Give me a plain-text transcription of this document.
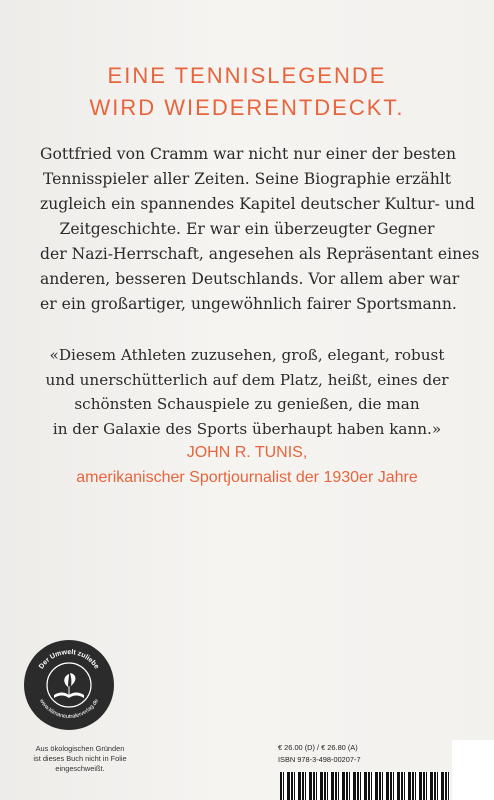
EINE TENNISLEGENDE
WIRD WIEDERENTDECKT.
Gottfried von Cramm war nicht nur einer der besten
Tennisspieler aller Zeiten. Seine Biographie erzählt
zugleich ein spannendes Kapitel deutscher Kultur- und
Zeitgeschichte. Er war ein überzeugter Gegner
der Nazi-Herrschaft, angesehen als Repräsentant eines
anderen, besseren Deutschlands. Vor allem aber war
er ein großartiger, ungewöhnlich fairer Sportsmann.
«Diesem Athleten zuzusehen, groß, elegant, robust
und unerschütterlich auf dem Platz, heißt, eines der
schönsten Schauspiele zu genießen, die man
in der Galaxie des Sports überhaupt haben kann.»
JOHN R. TUNIS,
amerikanischer Sportjournalist der 1930er Jahre
Der Umwelt zuliebe
www.klimaneutralerverlag.de
Aus ökologischen Gründen
ist dieses Buch nicht in Folie
eingeschweißt.
€ 26.00 (D) / € 26.80 (A)
ISBN 978-3-498-00207-7
